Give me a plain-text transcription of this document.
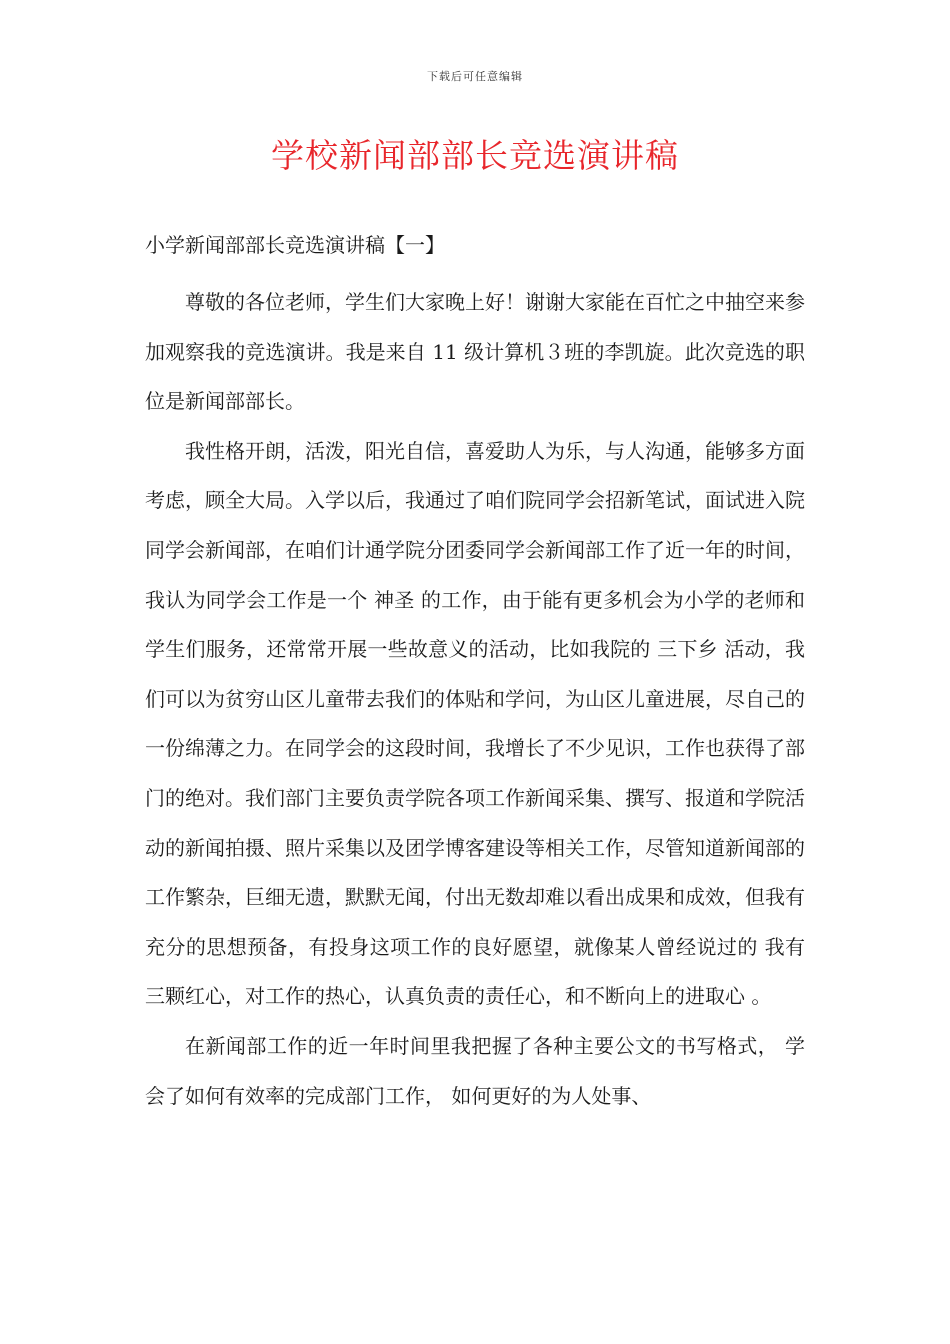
下载后可任意编辑
学校新闻部部长竞选演讲稿
小学新闻部部长竞选演讲稿【一】

尊敬的各位老师，学生们大家晚上好！谢谢大家能在百忙之中抽空来参加观察我的竞选演讲。我是来自 11 级计算机３班的李凯旋。此次竞选的职位是新闻部部长。

我性格开朗，活泼，阳光自信，喜爱助人为乐，与人沟通，能够多方面考虑，顾全大局。入学以后，我通过了咱们院同学会招新笔试，面试进入院同学会新闻部，在咱们计通学院分团委同学会新闻部工作了近一年的时间，我认为同学会工作是一个 神圣 的工作，由于能有更多机会为小学的老师和学生们服务，还常常开展一些故意义的活动，比如我院的 三下乡 活动，我们可以为贫穷山区儿童带去我们的体贴和学问，为山区儿童进展，尽自己的一份绵薄之力。在同学会的这段时间，我增长了不少见识，工作也获得了部门的绝对。我们部门主要负责学院各项工作新闻采集、撰写、报道和学院活动的新闻拍摄、照片采集以及团学博客建设等相关工作，尽管知道新闻部的工作繁杂，巨细无遗，默默无闻，付出无数却难以看出成果和成效，但我有充分的思想预备，有投身这项工作的良好愿望，就像某人曾经说过的 我有三颗红心，对工作的热心，认真负责的责任心，和不断向上的进取心 。

在新闻部工作的近一年时间里我把握了各种主要公文的书写格式， 学会了如何有效率的完成部门工作， 如何更好的为人处事、
